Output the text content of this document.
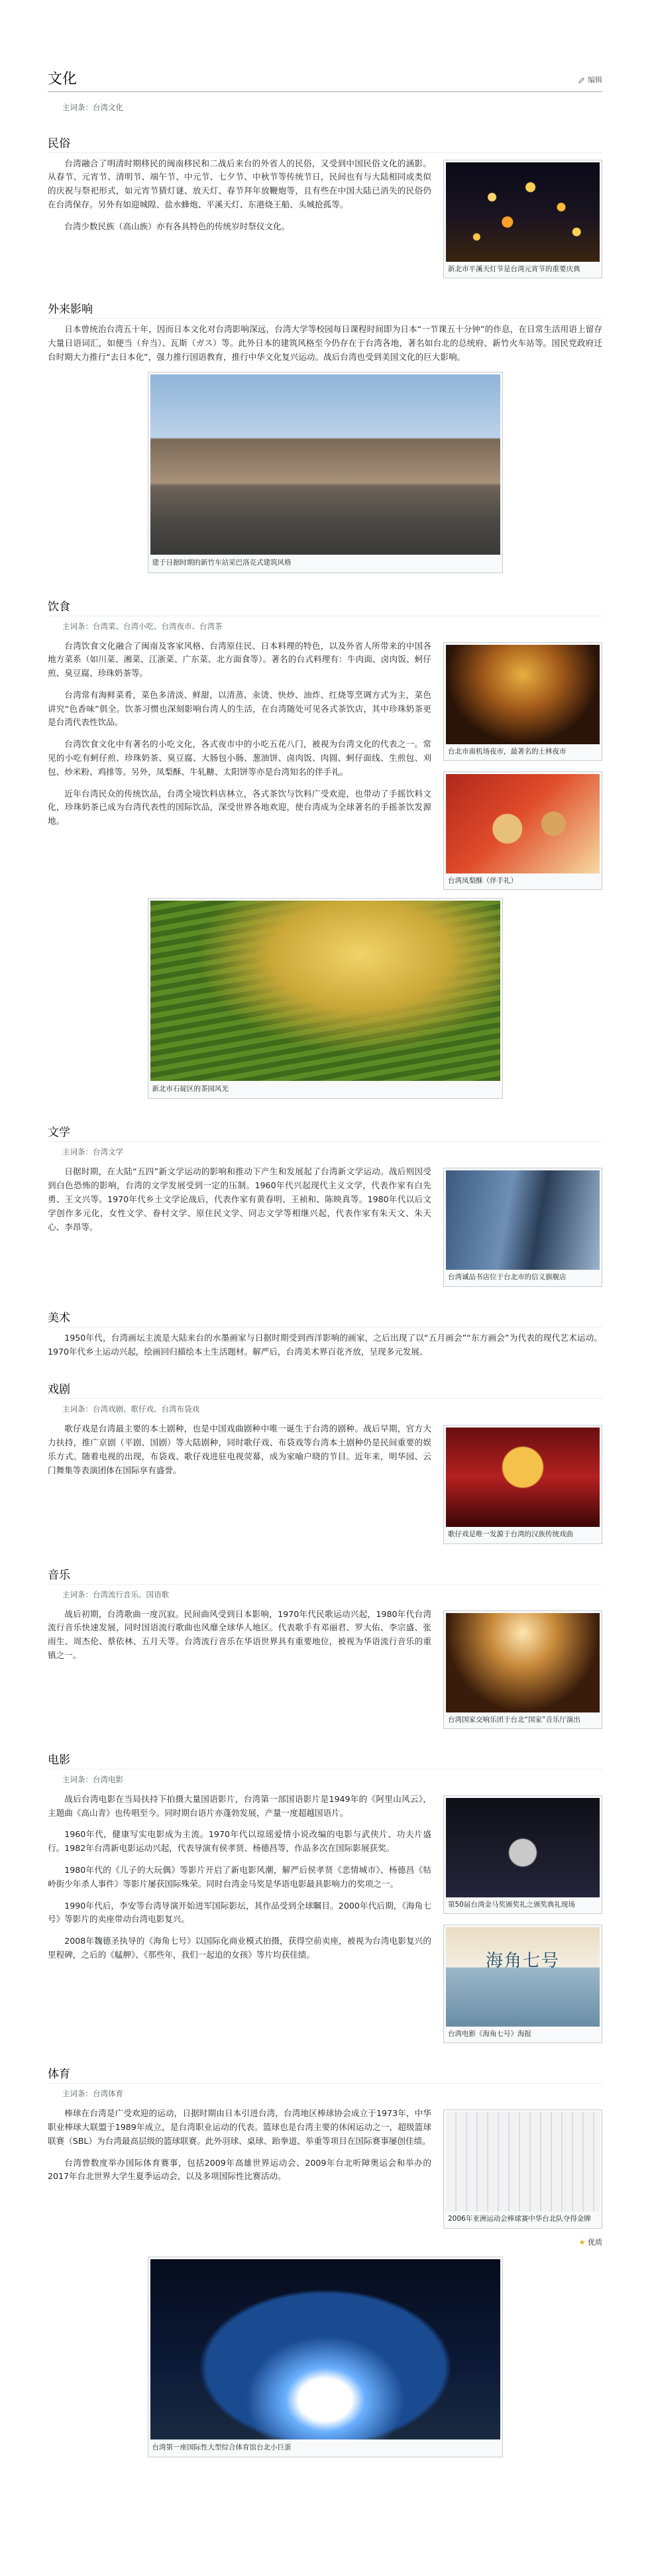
文化	编辑
主词条：台湾文化
民俗
新北市平溪天灯节是台湾元宵节的重要庆典

台湾融合了明清时期移民的闽南移民和二战后来台的外省人的民俗，又受到中国民俗文化的涵影。从春节、元宵节、清明节、端午节、中元节、七夕节、中秋节等传统节日，民间也有与大陆相同或类似的庆祝与祭祀形式，如元宵节猜灯谜、放天灯、春节拜年放鞭炮等，且有些在中国大陆已消失的民俗仍在台湾保存。另外有如迎城隍、盐水蜂炮、平溪天灯、东港烧王船、头城抢孤等。

台湾少数民族（高山族）亦有各具特色的传统岁时祭仪文化。

外来影响

日本曾统治台湾五十年，因而日本文化对台湾影响深远，台湾大学等校园每日课程时间即为日本“一节课五十分钟”的作息，在日常生活用语上留存大量日语词汇，如便当（弁当）、瓦斯（ガス）等。此外日本的建筑风格至今仍存在于台湾各地，著名如台北的总统府、新竹火车站等。国民党政府迁台时期大力推行“去日本化”，强力推行国语教育，推行中华文化复兴运动。战后台湾也受到美国文化的巨大影响。

建于日据时期的新竹车站采巴洛克式建筑风格
饮食
主词条：台湾菜、台湾小吃、台湾夜市、台湾茶
台北市南机场夜市，最著名的士林夜市

台湾饮食文化融合了闽南及客家风格、台湾原住民、日本料理的特色，以及外省人所带来的中国各地方菜系（如川菜、湘菜、江浙菜、广东菜、北方面食等）。著名的台式料理有：牛肉面、卤肉饭、蚵仔煎、臭豆腐、珍珠奶茶等。

台湾常有海鲜菜肴，菜色多清淡、鲜甜，以清蒸、汆烫、快炒、油炸、红烧等烹调方式为主，菜色讲究“色香味”俱全。饮茶习惯也深刻影响台湾人的生活，在台湾随处可见各式茶饮店，其中珍珠奶茶更是台湾代表性饮品。

台湾凤梨酥（伴手礼）

台湾饮食文化中有著名的小吃文化，各式夜市中的小吃五花八门，被视为台湾文化的代表之一。常见的小吃有蚵仔煎、珍珠奶茶、臭豆腐、大肠包小肠、葱油饼、卤肉饭、肉圆、蚵仔面线、生煎包、刈包、炒米粉、鸡排等。另外，凤梨酥、牛轧糖、太阳饼等亦是台湾知名的伴手礼。

近年台湾民众的传统饮品，台湾全境饮料店林立，各式茶饮与饮料广受欢迎，也带动了手摇饮料文化，珍珠奶茶已成为台湾代表性的国际饮品，深受世界各地欢迎，使台湾成为全球著名的手摇茶饮发源地。

新北市石碇区的茶园风光
文学
主词条：台湾文学
台湾诚品书店位于台北市的信义旗舰店

日据时期，在大陆“五四”新文学运动的影响和推动下产生和发展起了台湾新文学运动。战后则因受到白色恐怖的影响，台湾的文学发展受到一定的压制。1960年代兴起现代主义文学，代表作家有白先勇、王文兴等。1970年代乡土文学论战后，代表作家有黄春明、王祯和、陈映真等。1980年代以后文学创作多元化，女性文学、眷村文学、原住民文学、同志文学等相继兴起，代表作家有朱天文、朱天心、李昂等。

美术

1950年代，台湾画坛主流是大陆来台的水墨画家与日据时期受到西洋影响的画家，之后出现了以“五月画会”“东方画会”为代表的现代艺术运动。1970年代乡土运动兴起，绘画回归描绘本土生活题材。解严后，台湾美术界百花齐放，呈现多元发展。

戏剧
主词条：台湾戏剧、歌仔戏、台湾布袋戏
歌仔戏是唯一发源于台湾的汉族传统戏曲

歌仔戏是台湾最主要的本土剧种，也是中国戏曲剧种中唯一诞生于台湾的剧种。战后早期，官方大力扶持，推广京剧（平剧、国剧）等大陆剧种，同时歌仔戏、布袋戏等台湾本土剧种仍是民间重要的娱乐方式。随着电视的出现，布袋戏、歌仔戏进驻电视荧幕，成为家喻户晓的节目。近年来，明华园、云门舞集等表演团体在国际享有盛誉。

音乐
主词条：台湾流行音乐、国语歌
台湾国家交响乐团于台北“国家”音乐厅演出

战后初期，台湾歌曲一度沉寂。民间曲风受到日本影响，1970年代民歌运动兴起，1980年代台湾流行音乐快速发展，同时国语流行歌曲也风靡全球华人地区。代表歌手有邓丽君、罗大佑、李宗盛、张雨生、周杰伦、蔡依林、五月天等。台湾流行音乐在华语世界具有重要地位，被视为华语流行音乐的重镇之一。

电影
主词条：台湾电影
第50届台湾金马奖颁奖礼之颁奖典礼现场

战后台湾电影在当局扶持下拍摄大量国语影片，台湾第一部国语影片是1949年的《阿里山风云》，主题曲《高山青》也传唱至今。同时期台语片亦蓬勃发展，产量一度超越国语片。

1960年代，健康写实电影成为主流。1970年代以琼瑶爱情小说改编的电影与武侠片、功夫片盛行。1982年台湾新电影运动兴起，代表导演有侯孝贤、杨德昌等，作品多次在国际影展获奖。

海角七号
台湾电影《海角七号》海报

1980年代的《儿子的大玩偶》等影片开启了新电影风潮，解严后侯孝贤《悲情城市》、杨德昌《牯岭街少年杀人事件》等影片屡获国际殊荣。同时台湾金马奖是华语电影最具影响力的奖项之一。

1990年代后，李安等台湾导演开始进军国际影坛，其作品受到全球瞩目。2000年代后期，《海角七号》等影片的卖座带动台湾电影复兴。

2008年魏德圣执导的《海角七号》以国际化商业模式拍摄，获得空前卖座，被视为台湾电影复兴的里程碑，之后的《艋舺》、《那些年，我们一起追的女孩》等片均获佳绩。

体育
主词条：台湾体育
2006年亚洲运动会棒球赛中华台北队夺得金牌

棒球在台湾是广受欢迎的运动，日据时期由日本引进台湾，台湾地区棒球协会成立于1973年，中华职业棒球大联盟于1989年成立，是台湾职业运动的代表。篮球也是台湾主要的休闲运动之一，超级篮球联赛（SBL）为台湾最高层级的篮球联赛。此外羽球、桌球、跆拳道、举重等项目在国际赛事屡创佳绩。

台湾曾数度举办国际体育赛事，包括2009年高雄世界运动会、2009年台北听障奥运会和举办的2017年台北世界大学生夏季运动会，以及多项国际性比赛活动。

★ 优质
台湾第一座国际性大型综合体育馆台北小巨蛋
